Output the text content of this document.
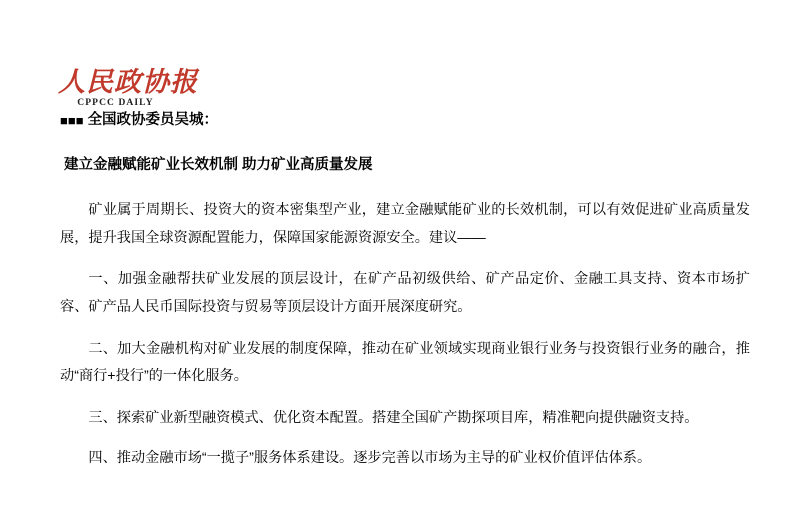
人民政协报
CPPCC DAILY
■■■ 全国政协委员吴城：
建立金融赋能矿业长效机制 助力矿业高质量发展

矿业属于周期长、投资大的资本密集型产业，建立金融赋能矿业的长效机制，可以有效促进矿业高质量发展，提升我国全球资源配置能力，保障国家能源资源安全。建议——

一、加强金融帮扶矿业发展的顶层设计，在矿产品初级供给、矿产品定价、金融工具支持、资本市场扩容、矿产品人民币国际投资与贸易等顶层设计方面开展深度研究。

二、加大金融机构对矿业发展的制度保障，推动在矿业领域实现商业银行业务与投资银行业务的融合，推动“商行+投行”的一体化服务。

三、探索矿业新型融资模式、优化资本配置。搭建全国矿产勘探项目库，精准靶向提供融资支持。

四、推动金融市场“一揽子”服务体系建设。逐步完善以市场为主导的矿业权价值评估体系。
